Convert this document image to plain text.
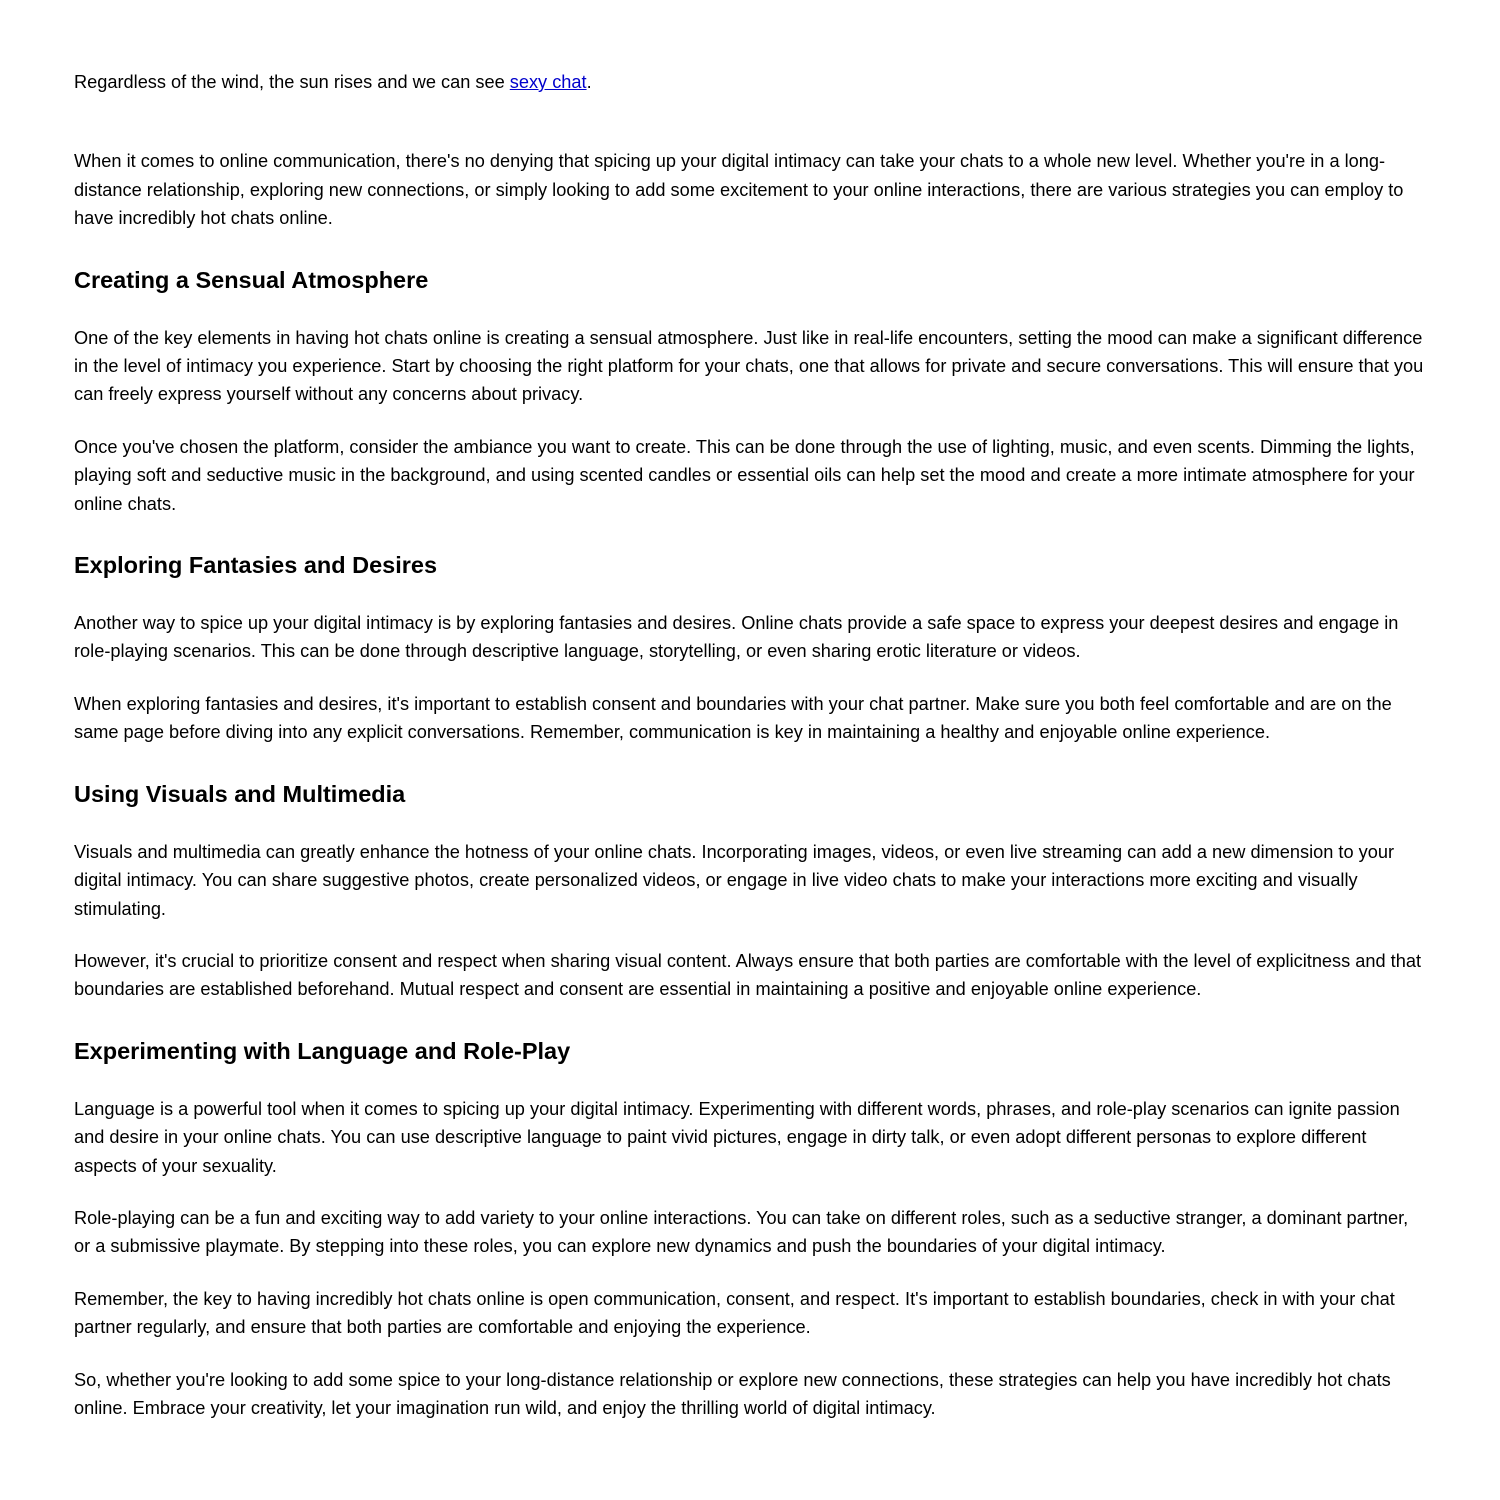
Regardless of the wind, the sun rises and we can see sexy chat.

When it comes to online communication, there's no denying that spicing up your digital intimacy can take your chats to a whole new level. Whether you're in a long-distance relationship, exploring new connections, or simply looking to add some excitement to your online interactions, there are various strategies you can employ to have incredibly hot chats online.

Creating a Sensual Atmosphere

One of the key elements in having hot chats online is creating a sensual atmosphere. Just like in real-life encounters, setting the mood can make a significant difference in the level of intimacy you experience. Start by choosing the right platform for your chats, one that allows for private and secure conversations. This will ensure that you can freely express yourself without any concerns about privacy.

Once you've chosen the platform, consider the ambiance you want to create. This can be done through the use of lighting, music, and even scents. Dimming the lights, playing soft and seductive music in the background, and using scented candles or essential oils can help set the mood and create a more intimate atmosphere for your online chats.

Exploring Fantasies and Desires

Another way to spice up your digital intimacy is by exploring fantasies and desires. Online chats provide a safe space to express your deepest desires and engage in role-playing scenarios. This can be done through descriptive language, storytelling, or even sharing erotic literature or videos.

When exploring fantasies and desires, it's important to establish consent and boundaries with your chat partner. Make sure you both feel comfortable and are on the same page before diving into any explicit conversations. Remember, communication is key in maintaining a healthy and enjoyable online experience.

Using Visuals and Multimedia

Visuals and multimedia can greatly enhance the hotness of your online chats. Incorporating images, videos, or even live streaming can add a new dimension to your digital intimacy. You can share suggestive photos, create personalized videos, or engage in live video chats to make your interactions more exciting and visually stimulating.

However, it's crucial to prioritize consent and respect when sharing visual content. Always ensure that both parties are comfortable with the level of explicitness and that boundaries are established beforehand. Mutual respect and consent are essential in maintaining a positive and enjoyable online experience.

Experimenting with Language and Role-Play

Language is a powerful tool when it comes to spicing up your digital intimacy. Experimenting with different words, phrases, and role-play scenarios can ignite passion and desire in your online chats. You can use descriptive language to paint vivid pictures, engage in dirty talk, or even adopt different personas to explore different aspects of your sexuality.

Role-playing can be a fun and exciting way to add variety to your online interactions. You can take on different roles, such as a seductive stranger, a dominant partner, or a submissive playmate. By stepping into these roles, you can explore new dynamics and push the boundaries of your digital intimacy.

Remember, the key to having incredibly hot chats online is open communication, consent, and respect. It's important to establish boundaries, check in with your chat partner regularly, and ensure that both parties are comfortable and enjoying the experience.

So, whether you're looking to add some spice to your long-distance relationship or explore new connections, these strategies can help you have incredibly hot chats online. Embrace your creativity, let your imagination run wild, and enjoy the thrilling world of digital intimacy.
